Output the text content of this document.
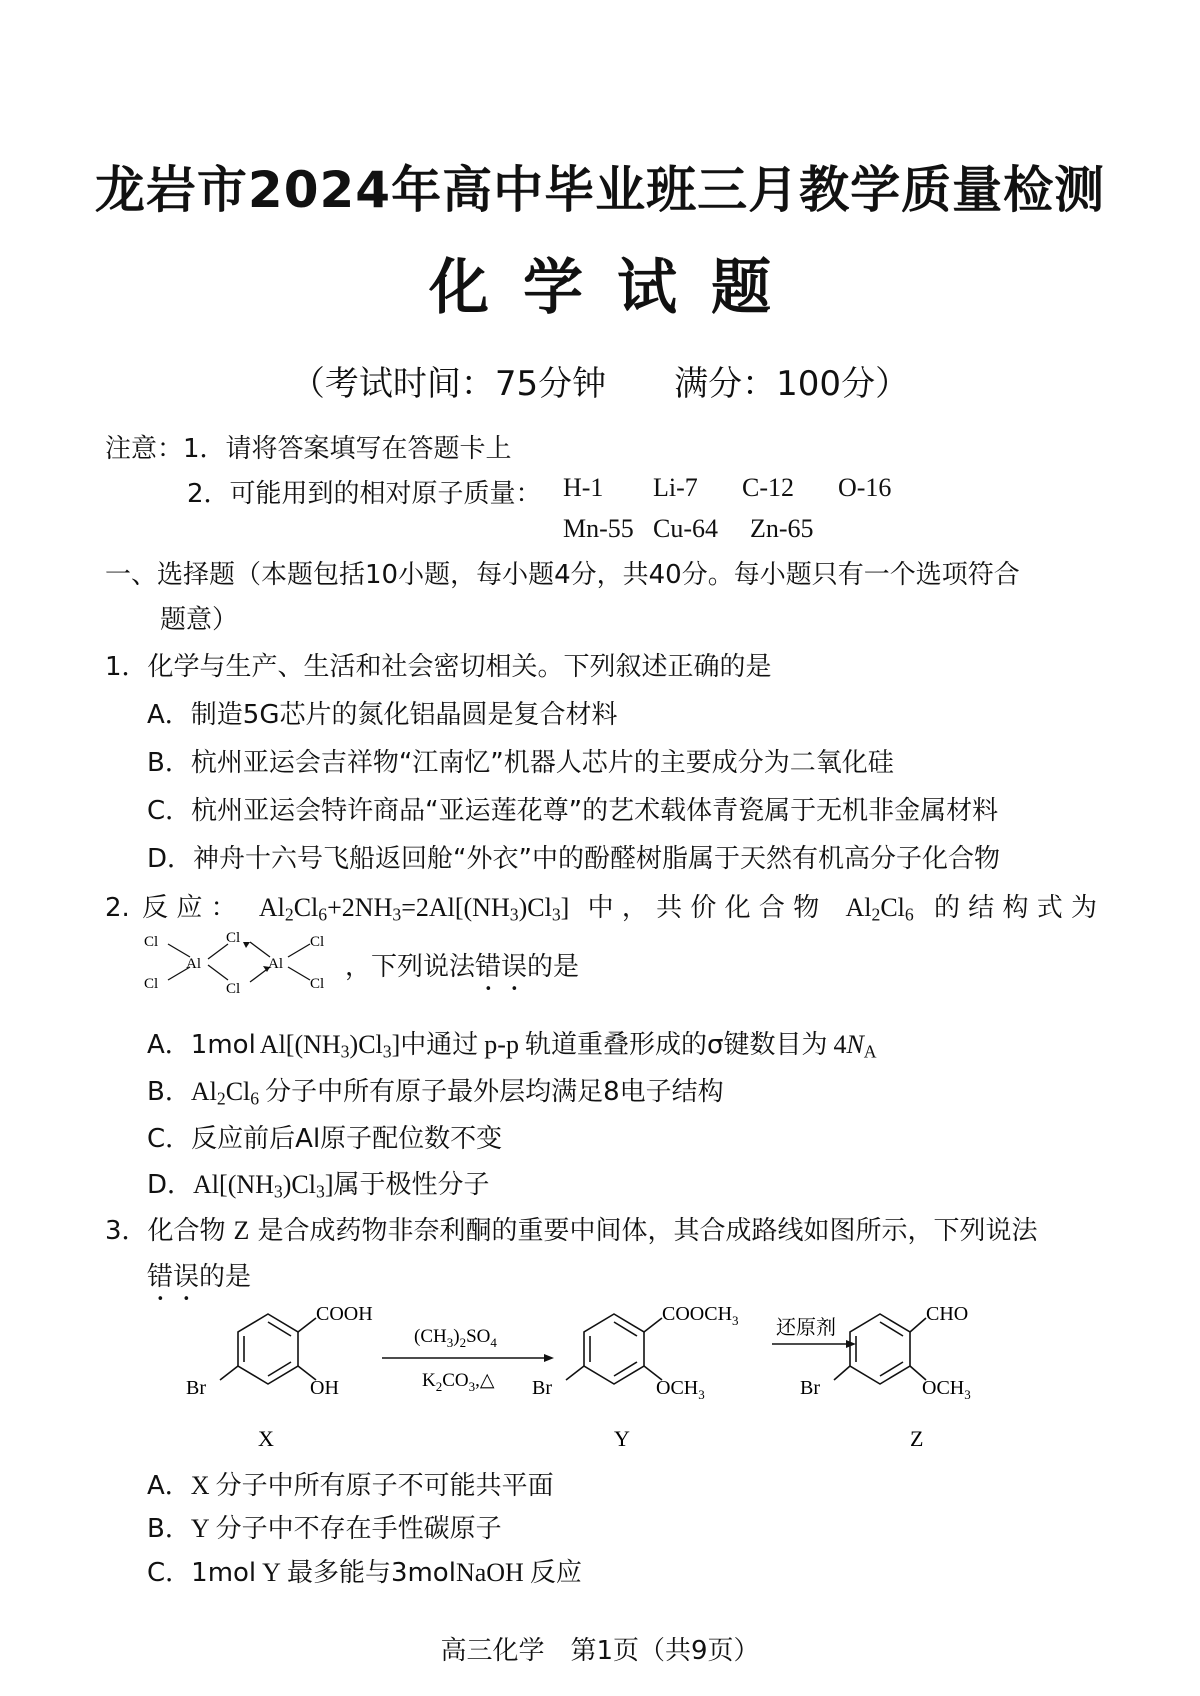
龙岩市2024年高中毕业班三月教学质量检测
化学试题
（考试时间：75分钟　　满分：100分）
注意：1．请将答案填写在答题卡上
2．可能用到的相对原子质量： H-1 Li-7 C-12 O-16
Mn-55 Cu-64 Zn-65
一、选择题（本题包括10小题，每小题4分，共40分。每小题只有一个选项符合
题意）
1．化学与生产、生活和社会密切相关。下列叙述正确的是
A．制造5G芯片的氮化铝晶圆是复合材料
B．杭州亚运会吉祥物“江南忆”机器人芯片的主要成分为二氧化硅
C．杭州亚运会特许商品“亚运莲花尊”的艺术载体青瓷属于无机非金属材料
D．神舟十六号飞船返回舱“外衣”中的酚醛树脂属于天然有机高分子化合物
2. 反 应 ： $Al_2Cl_6+2NH_3=2Al[(NH_3)Cl_3]$ 中 ， 共 价 化 合 物 $Al_2Cl_6$ 的 结 构 式 为
Cl
Cl
Al
Cl
Cl
Al
Cl
Cl
，下列说法错误的是
A．1mol $Al[(NH_3)Cl_3]$中通过 p-p 轨道重叠形成的σ键数目为 $4N_A$
B．$Al_2Cl_6$ 分子中所有原子最外层均满足8电子结构
C．反应前后Al原子配位数不变
D．$Al[(NH_3)Cl_3]$属于极性分子
3．化合物 Z 是合成药物非奈利酮的重要中间体，其合成路线如图所示，下列说法
错误的是
COOH
OH
Br
X
$(CH_3)_2SO_4$
$K_2CO_3,\triangle$
$COOCH_3$
$OCH_3$
Br
Y
还原剂
CHO
$OCH_3$
Br
Z
A．X 分子中所有原子不可能共平面
B．Y 分子中不存在手性碳原子
C．1mol Y 最多能与3molNaOH 反应
高三化学　第1页（共9页）
